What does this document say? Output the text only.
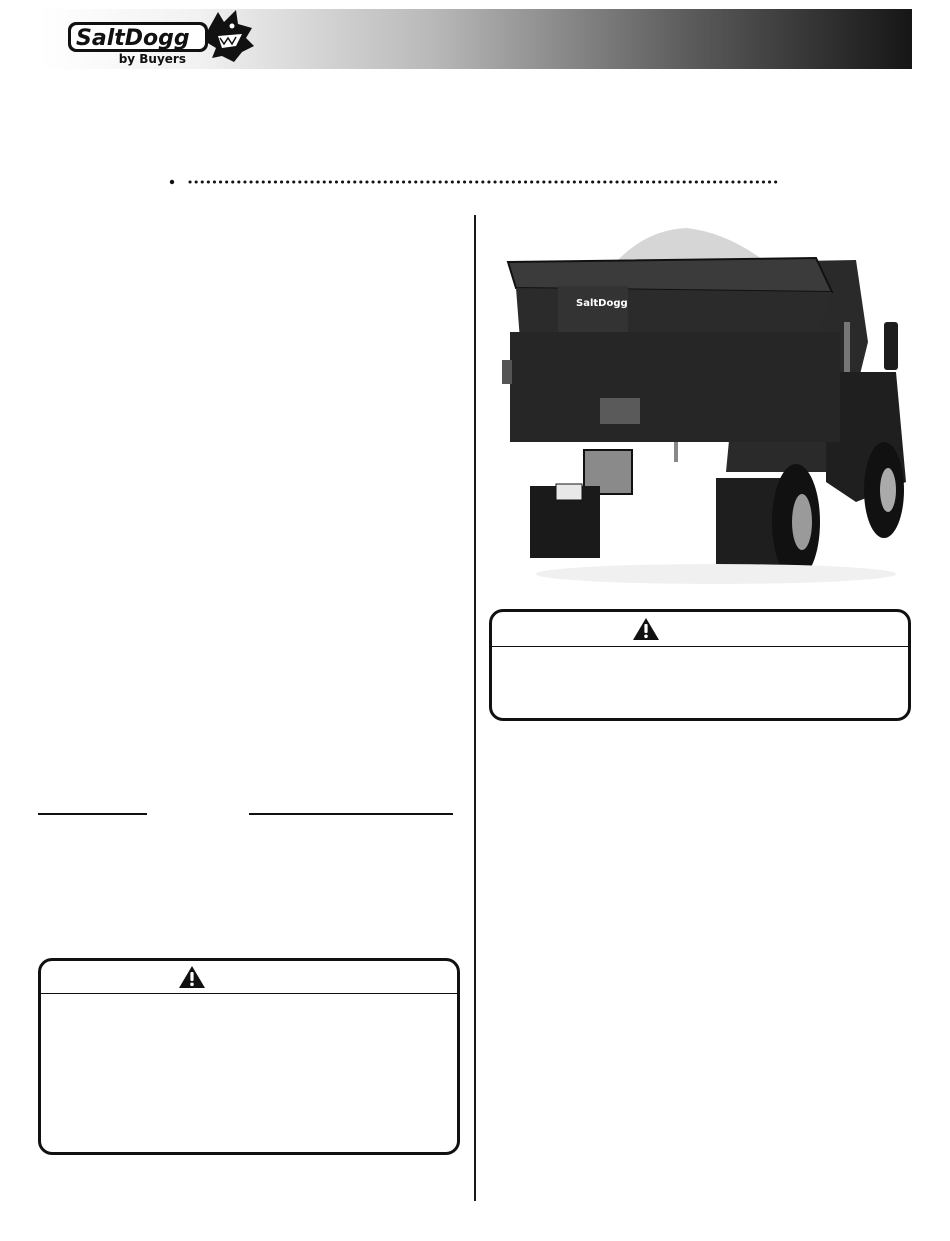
SaltDogg
by Buyers
SaltDogg
